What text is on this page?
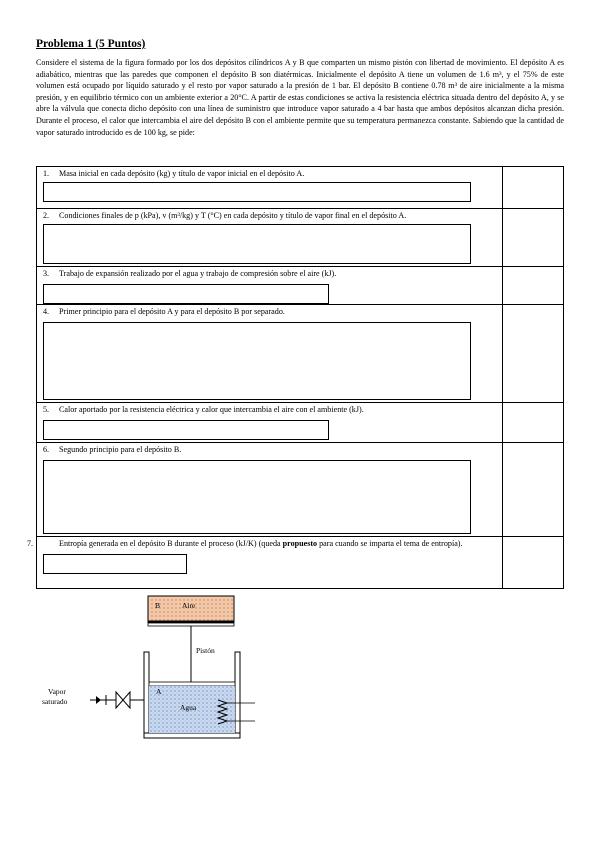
Problema 1 (5 Puntos)
Considere el sistema de la figura formado por los dos depósitos cilíndricos A y B que comparten un mismo pistón con libertad de movimiento. El depósito A es adiabático, mientras que las paredes que componen el depósito B son diatérmicas. Inicialmente el depósito A tiene un volumen de 1.6 m³, y el 75% de este volumen está ocupado por líquido saturado y el resto por vapor saturado a la presión de 1 bar. El depósito B contiene 0.78 m³ de aire inicialmente a la misma presión, y en equilibrio térmico con un ambiente exterior a 20°C. A partir de estas condiciones se activa la resistencia eléctrica situada dentro del depósito A, y se abre la válvula que conecta dicho depósito con una línea de suministro que introduce vapor saturado a 4 bar hasta que ambos depósitos alcanzan dicha presión. Durante el proceso, el calor que intercambia el aire del depósito B con el ambiente permite que su temperatura permanezca constante. Sabiendo que la cantidad de vapor saturado introducido es de 100 kg, se pide:
1. Masa inicial en cada depósito (kg) y título de vapor inicial en el depósito A.	

2. Condiciones finales de p (kPa), v (m³/kg) y T (°C) en cada depósito y título de vapor final en el depósito A.	

3. Trabajo de expansión realizado por el agua y trabajo de compresión sobre el aire (kJ).	

4. Primer principio para el depósito A y para el depósito B por separado.	

5. Calor aportado por la resistencia eléctrica y calor que intercambia el aire con el ambiente (kJ).	

6. Segundo principio para el depósito B.	

7. Entropía generada en el depósito B durante el proceso (kJ/K) (queda propuesto para cuando se imparta el tema de entropía).	

B	Aire
Pistón
A
Agua
Vapor
saturado
